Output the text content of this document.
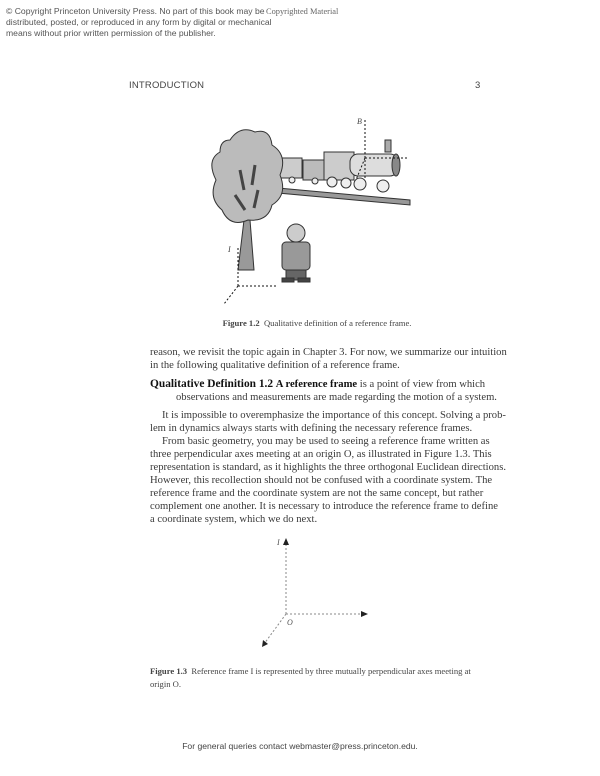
© Copyright Princeton University Press. No part of this book may be
distributed, posted, or reproduced in any form by digital or mechanical
means without prior written permission of the publisher.
Copyrighted Material
INTRODUCTION	3
I
B
Figure 1.2 Qualitative definition of a reference frame.
reason, we revisit the topic again in Chapter 3. For now, we summarize our intuition
in the following qualitative definition of a reference frame.
Qualitative Definition 1.2 A reference frame is a point of view from which
observations and measurements are made regarding the motion of a system.
It is impossible to overemphasize the importance of this concept. Solving a prob-
lem in dynamics always starts with defining the necessary reference frames.
From basic geometry, you may be used to seeing a reference frame written as
three perpendicular axes meeting at an origin O, as illustrated in Figure 1.3. This
representation is standard, as it highlights the three orthogonal Euclidean directions.
However, this recollection should not be confused with a coordinate system. The
reference frame and the coordinate system are not the same concept, but rather
complement one another. It is necessary to introduce the reference frame to define
a coordinate system, which we do next.
I
O
Figure 1.3 Reference frame I is represented by three mutually perpendicular axes meeting at
origin O.
For general queries contact webmaster@press.princeton.edu.
